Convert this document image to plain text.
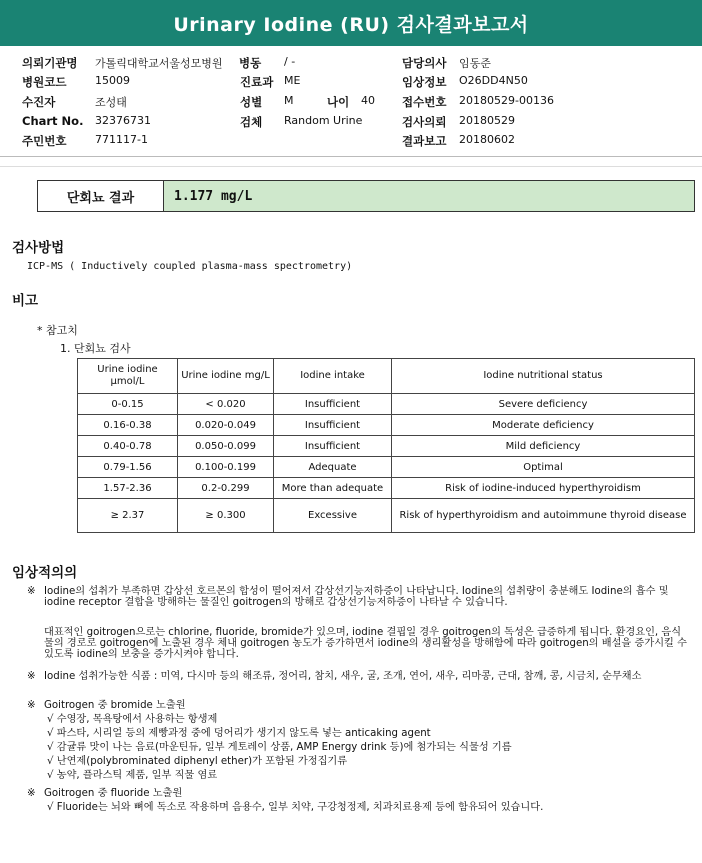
Urinary Iodine (RU) 검사결과보고서
의뢰기관명 가톨릭대학교서울성모병원 병동 / -	담당의사 임동준
병원코드	15009	진료과 ME	임상정보 O26DD4N50
수진자	조성태	성별 M	나이 40 접수번호 20180529-00136
Chart No. 32376731	검체 Random Urine	검사의뢰 20180529
주민번호	771117-1	결과보고 20180602
단회뇨 결과	1.177 mg/L
검사방법
ICP-MS ( Inductively coupled plasma-mass spectrometry)
비고
* 참고치
1. 단회뇨 검사
Urine iodine μmol/L	Urine iodine mg/L	Iodine intake	Iodine nutritional status
0-0.15	< 0.020	Insufficient	Severe deficiency
0.16-0.38	0.020-0.049	Insufficient	Moderate deficiency
0.40-0.78	0.050-0.099	Insufficient	Mild deficiency
0.79-1.56	0.100-0.199	Adequate	Optimal
1.57-2.36	0.2-0.299	More than adequate	Risk of iodine-induced hyperthyroidism
≥ 2.37	≥ 0.300	Excessive	Risk of hyperthyroidism and autoimmune thyroid disease
임상적의의
※ Iodine의 섭취가 부족하면 갑상선 호르몬의 합성이 떨어져서 갑상선기능저하증이 나타납니다. Iodine의 섭취량이 충분해도 Iodine의 흡수 및 iodine receptor 결합을 방해하는 물질인 goitrogen의 방해로 갑상선기능저하증이 나타날 수 있습니다.
대표적인 goitrogen으로는 chlorine, fluoride, bromide가 있으며, iodine 결핍일 경우 goitrogen의 독성은 급증하게 됩니다. 환경요인, 음식물의 경로로 goitrogen에 노출된 경우 체내 goitrogen 농도가 증가하면서 iodine의 생리활성을 방해함에 따라 goitrogen의 배설을 증가시킬 수 있도록 iodine의 보충을 증가시켜야 합니다.
※ Iodine 섭취가능한 식품 : 미역, 다시마 등의 해조류, 정어리, 참치, 새우, 굴, 조개, 연어, 새우, 리마콩, 근대, 참깨, 콩, 시금치, 순무채소
※ Goitrogen 중 bromide 노출원
√ 수영장, 목욕탕에서 사용하는 항생제
√ 파스타, 시리얼 등의 제빵과정 중에 덩어리가 생기지 않도록 넣는 anticaking agent
√ 감귤류 맛이 나는 음료(마운틴듀, 일부 게토레이 상품, AMP Energy drink 등)에 첨가되는 식물성 기름
√ 난연제(polybrominated diphenyl ether)가 포함된 가정집기류
√ 농약, 플라스틱 제품, 일부 직물 염료
※ Goitrogen 중 fluoride 노출원
√ Fluoride는 뇌와 뼈에 독소로 작용하며 음용수, 일부 치약, 구강청정제, 치과치료용제 등에 함유되어 있습니다.
